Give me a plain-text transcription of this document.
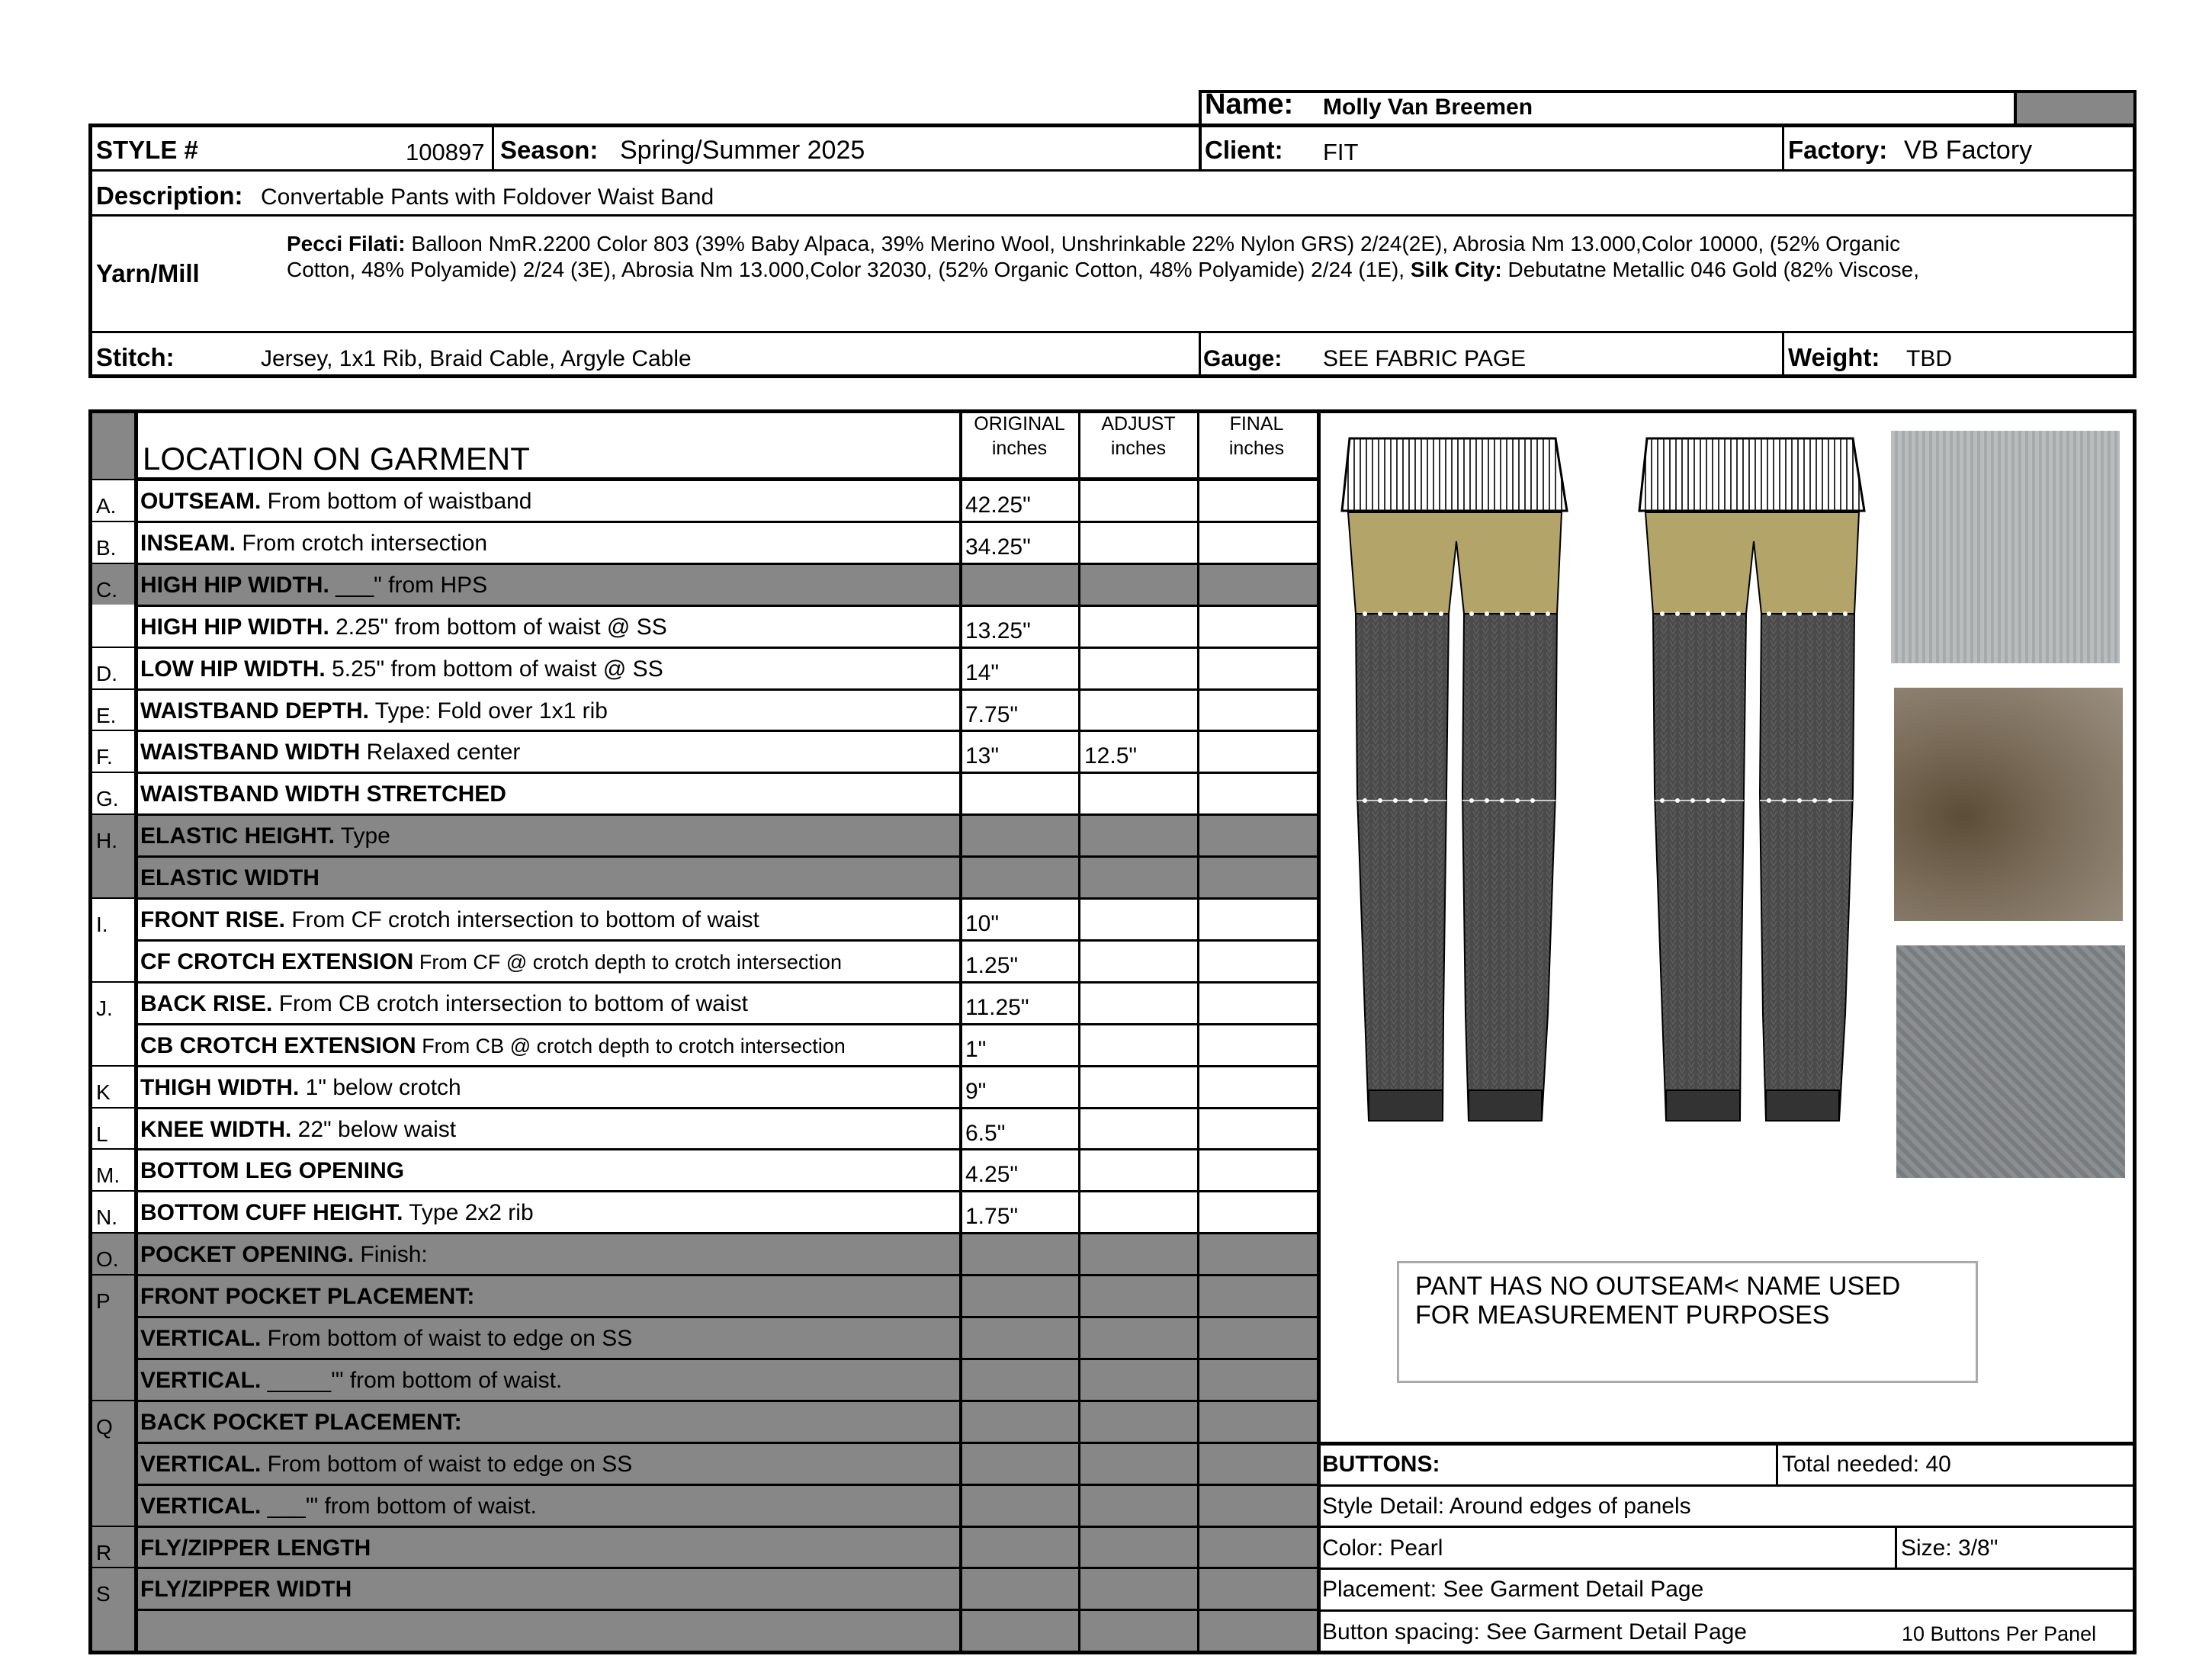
Name: Molly Van Breemen
STYLE #	100897 Season: Spring/Summer 2025	Client: FIT	Factory: VB Factory
Description: Convertable Pants with Foldover Waist Band
Yarn/Mill
Pecci Filati: Balloon NmR.2200 Color 803 (39% Baby Alpaca, 39% Merino Wool, Unshrinkable 22% Nylon GRS) 2/24(2E), Abrosia Nm 13.000,Color 10000, (52% Organic
Cotton, 48% Polyamide) 2/24 (3E), Abrosia Nm 13.000,Color 32030, (52% Organic Cotton, 48% Polyamide) 2/24 (1E), Silk City: Debutatne Metallic 046 Gold (82% Viscose,
Stitch:	Jersey, 1x1 Rib, Braid Cable, Argyle Cable	Gauge: SEE FABRIC PAGE	Weight: TBD
LOCATION ON GARMENT
ORIGINAL
inches
ADJUST
inches
FINAL
inches
A. OUTSEAM. From bottom of waistband	42.25"
B. INSEAM. From crotch intersection	34.25"
C. HIGH HIP WIDTH. ___" from HPS
HIGH HIP WIDTH. 2.25" from bottom of waist @ SS	13.25"
D. LOW HIP WIDTH. 5.25" from bottom of waist @ SS	14"
E. WAISTBAND DEPTH. Type: Fold over 1x1 rib	7.75"
F. WAISTBAND WIDTH Relaxed center	13"	12.5"
G. WAISTBAND WIDTH STRETCHED
H. ELASTIC HEIGHT. Type
ELASTIC WIDTH
I. FRONT RISE. From CF crotch intersection to bottom of waist	10"
CF CROTCH EXTENSION From CF @ crotch depth to crotch intersection	1.25"
J. BACK RISE. From CB crotch intersection to bottom of waist	11.25"
CB CROTCH EXTENSION From CB @ crotch depth to crotch intersection	1"
K THIGH WIDTH. 1" below crotch	9"
L KNEE WIDTH. 22" below waist	6.5"
M. BOTTOM LEG OPENING	4.25"
N. BOTTOM CUFF HEIGHT. Type 2x2 rib	1.75"
O. POCKET OPENING. Finish:
P FRONT POCKET PLACEMENT:
VERTICAL. From bottom of waist to edge on SS
VERTICAL. _____'" from bottom of waist.
Q BACK POCKET PLACEMENT:
VERTICAL. From bottom of waist to edge on SS
VERTICAL. ___'" from bottom of waist.
R FLY/ZIPPER LENGTH
S FLY/ZIPPER WIDTH
PANT HAS NO OUTSEAM< NAME USED
FOR MEASUREMENT PURPOSES
BUTTONS:	Total needed: 40
Style Detail: Around edges of panels
Color: Pearl	Size: 3/8"
Placement: See Garment Detail Page
Button spacing: See Garment Detail Page	10 Buttons Per Panel
